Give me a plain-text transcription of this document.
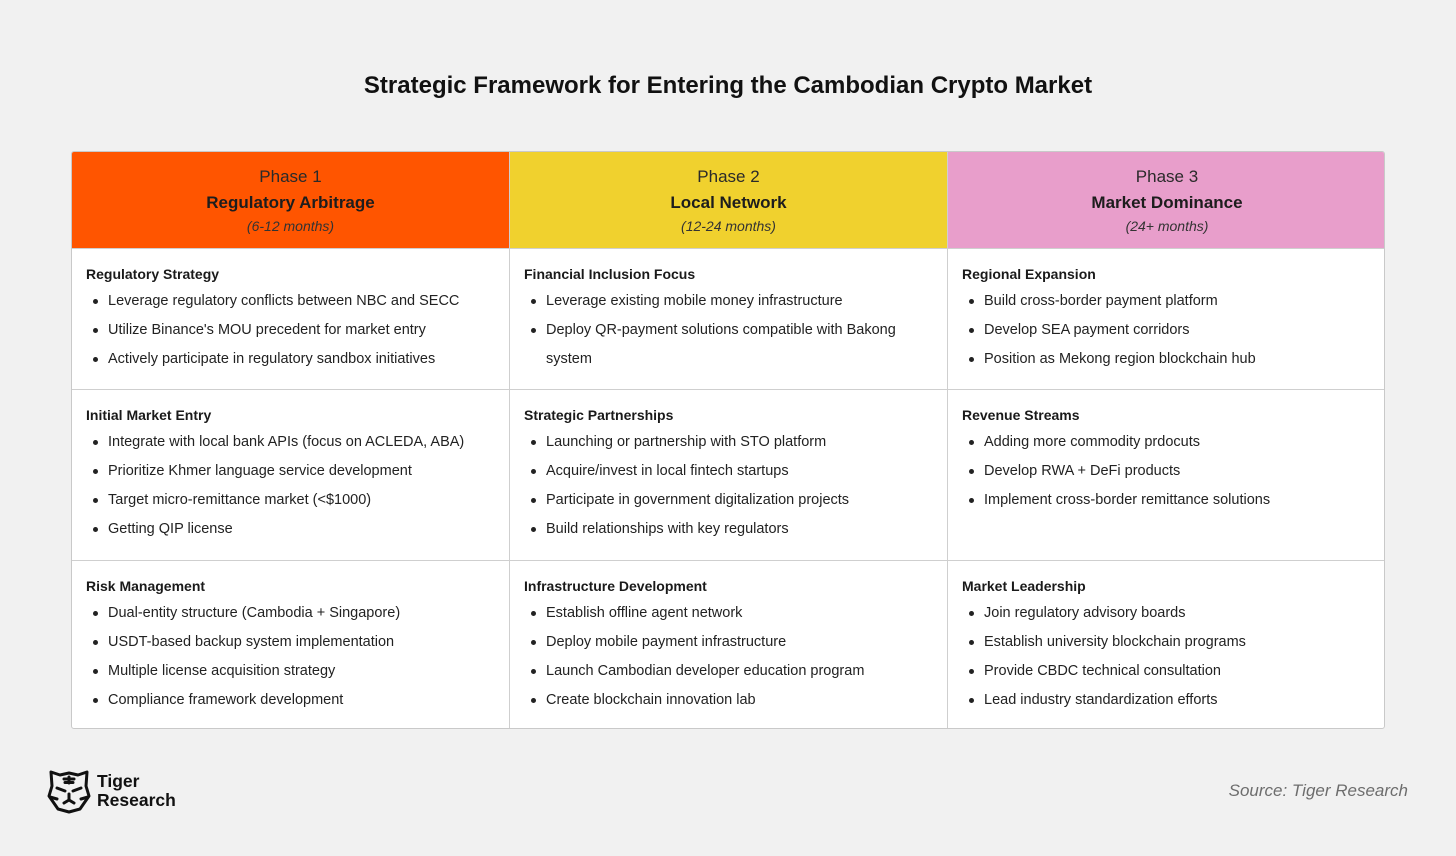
Strategic Framework for Entering the Cambodian Crypto Market
Phase 1
Regulatory Arbitrage
(6-12 months)
Phase 2
Local Network
(12-24 months)
Phase 3
Market Dominance
(24+ months)
Regulatory Strategy
Leverage regulatory conflicts between NBC and SECC
Utilize Binance's MOU precedent for market entry
Actively participate in regulatory sandbox initiatives
Financial Inclusion Focus
Leverage existing mobile money infrastructure
Deploy QR-payment solutions compatible with Bakong system
Regional Expansion
Build cross-border payment platform
Develop SEA payment corridors
Position as Mekong region blockchain hub
Initial Market Entry
Integrate with local bank APIs (focus on ACLEDA, ABA)
Prioritize Khmer language service development
Target micro-remittance market (<$1000)
Getting QIP license
Strategic Partnerships
Launching or partnership with STO platform
Acquire/invest in local fintech startups
Participate in government digitalization projects
Build relationships with key regulators
Revenue Streams
Adding more commodity prdocuts
Develop RWA + DeFi products
Implement cross-border remittance solutions
Risk Management
Dual-entity structure (Cambodia + Singapore)
USDT-based backup system implementation
Multiple license acquisition strategy
Compliance framework development
Infrastructure Development
Establish offline agent network
Deploy mobile payment infrastructure
Launch Cambodian developer education program
Create blockchain innovation lab
Market Leadership
Join regulatory advisory boards
Establish university blockchain programs
Provide CBDC technical consultation
Lead industry standardization efforts
Tiger
Research	Source: Tiger Research
